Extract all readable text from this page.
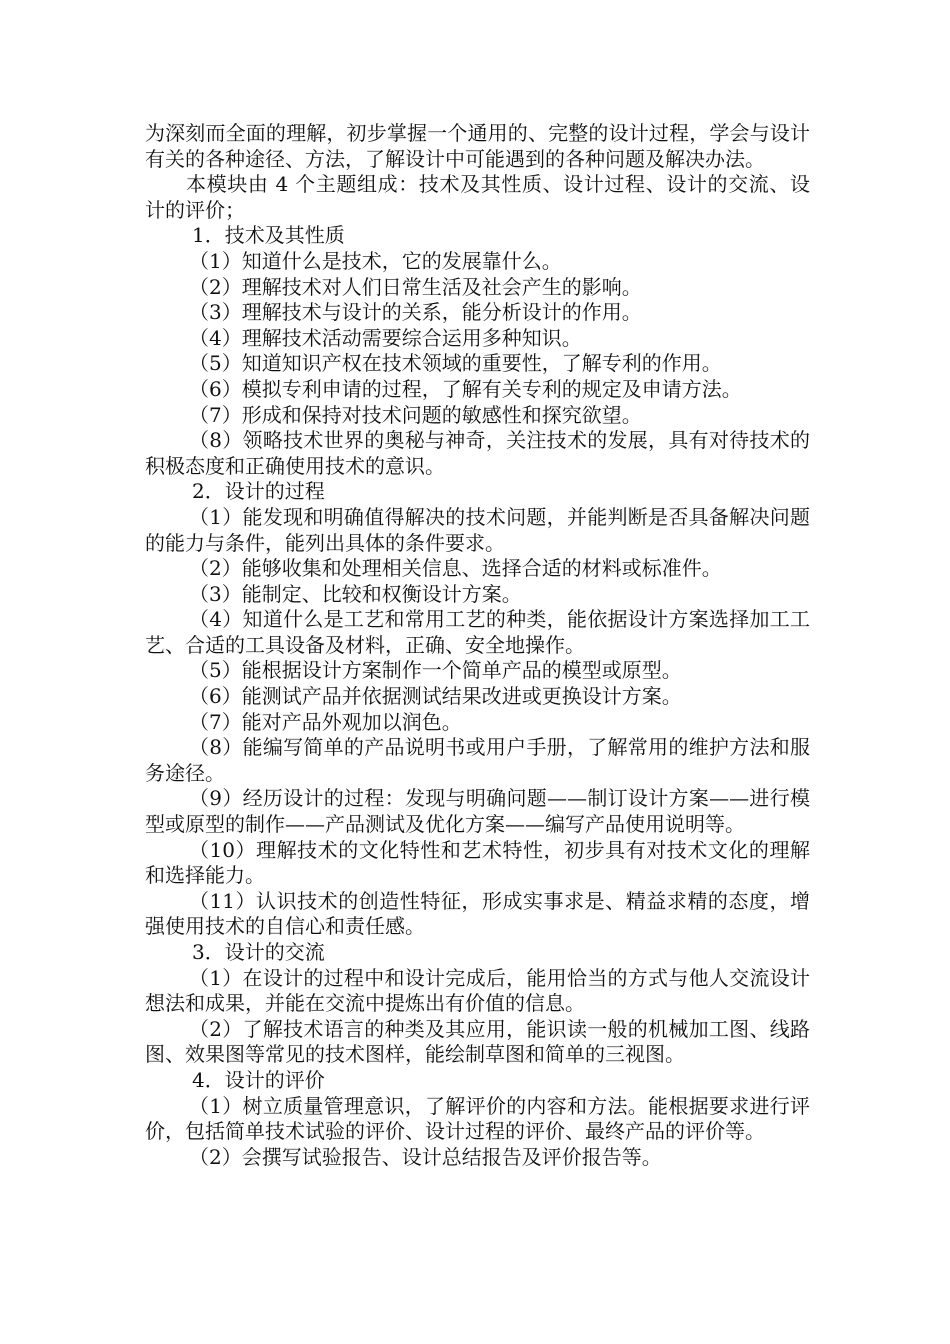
为深刻而全面的理解，初步掌握一个通用的、完整的设计过程，学会与设计有关的各种途径、方法，了解设计中可能遇到的各种问题及解决办法。

本模块由 4 个主题组成：技术及其性质、设计过程、设计的交流、设计的评价；

1．技术及其性质

（1）知道什么是技术，它的发展靠什么。

（2）理解技术对人们日常生活及社会产生的影响。

（3）理解技术与设计的关系，能分析设计的作用。

（4）理解技术活动需要综合运用多种知识。

（5）知道知识产权在技术领域的重要性，了解专利的作用。

（6）模拟专利申请的过程，了解有关专利的规定及申请方法。

（7）形成和保持对技术问题的敏感性和探究欲望。

（8）领略技术世界的奥秘与神奇，关注技术的发展，具有对待技术的积极态度和正确使用技术的意识。

2．设计的过程

（1）能发现和明确值得解决的技术问题，并能判断是否具备解决问题的能力与条件，能列出具体的条件要求。

（2）能够收集和处理相关信息、选择合适的材料或标准件。

（3）能制定、比较和权衡设计方案。

（4）知道什么是工艺和常用工艺的种类，能依据设计方案选择加工工艺、合适的工具设备及材料，正确、安全地操作。

（5）能根据设计方案制作一个简单产品的模型或原型。

（6）能测试产品并依据测试结果改进或更换设计方案。

（7）能对产品外观加以润色。

（8）能编写简单的产品说明书或用户手册，了解常用的维护方法和服务途径。

（9）经历设计的过程：发现与明确问题——制订设计方案——进行模型或原型的制作——产品测试及优化方案——编写产品使用说明等。

（10）理解技术的文化特性和艺术特性，初步具有对技术文化的理解和选择能力。

（11）认识技术的创造性特征，形成实事求是、精益求精的态度，增强使用技术的自信心和责任感。

3．设计的交流

（1）在设计的过程中和设计完成后，能用恰当的方式与他人交流设计想法和成果，并能在交流中提炼出有价值的信息。

（2）了解技术语言的种类及其应用，能识读一般的机械加工图、线路图、效果图等常见的技术图样，能绘制草图和简单的三视图。

4．设计的评价

（1）树立质量管理意识，了解评价的内容和方法。能根据要求进行评价，包括简单技术试验的评价、设计过程的评价、最终产品的评价等。

（2）会撰写试验报告、设计总结报告及评价报告等。
